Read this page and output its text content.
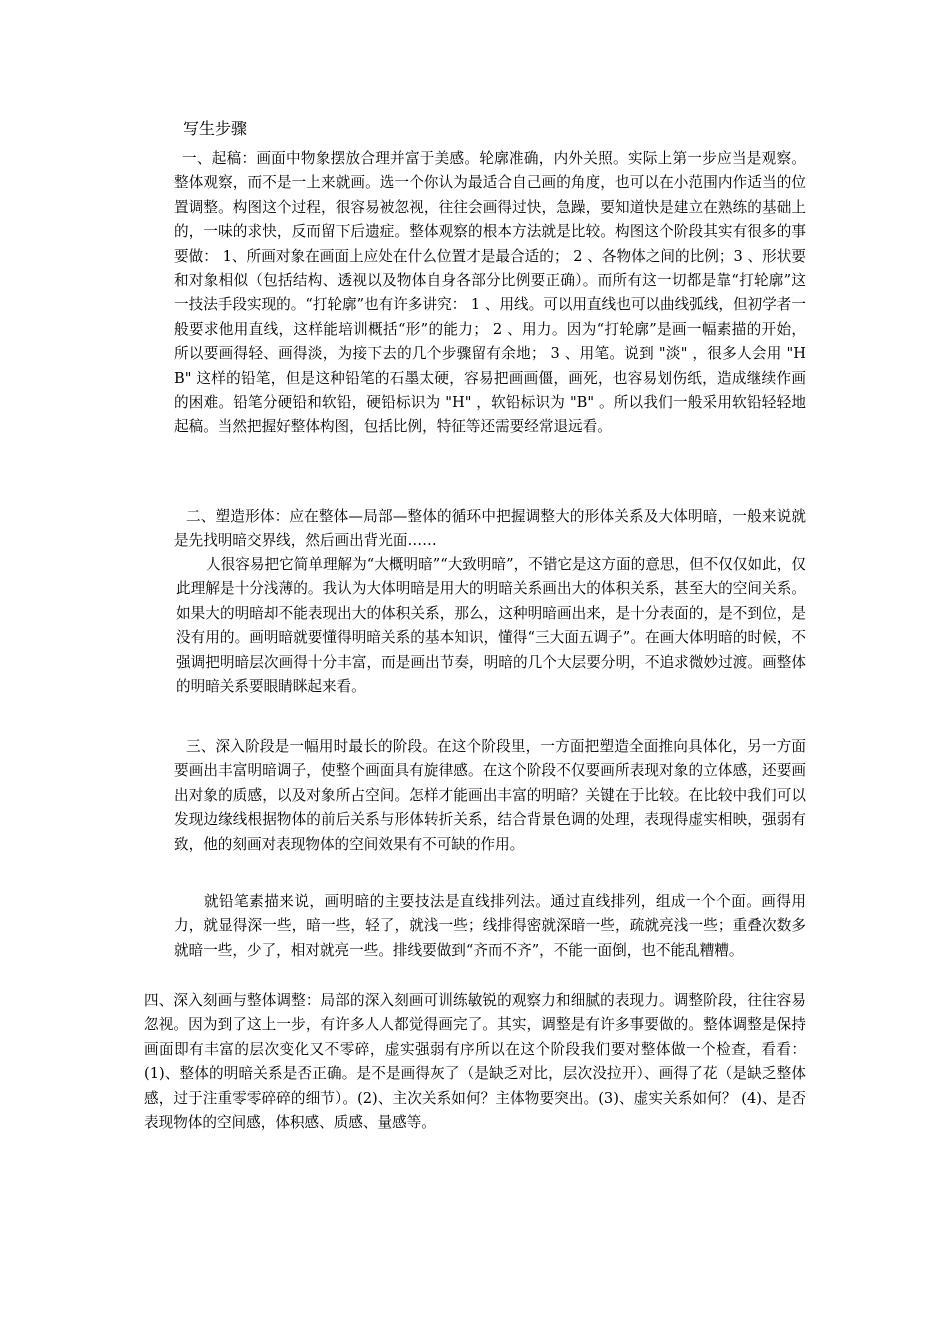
写生步骤

一、起稿：画面中物象摆放合理并富于美感。轮廓准确，内外关照。实际上第一步应当是观察。整体观察，而不是一上来就画。选一个你认为最适合自己画的角度，也可以在小范围内作适当的位置调整。构图这个过程，很容易被忽视，往往会画得过快，急躁，要知道快是建立在熟练的基础上的，一味的求快，反而留下后遗症。整体观察的根本方法就是比较。构图这个阶段其实有很多的事要做： 1、所画对象在画面上应处在什么位置才是最合适的； 2 、各物体之间的比例；3 、形状要和对象相似（包括结构、透视以及物体自身各部分比例要正确）。而所有这一切都是靠“打轮廓”这一技法手段实现的。“打轮廓”也有许多讲究： 1 、用线。可以用直线也可以曲线弧线，但初学者一般要求他用直线，这样能培训概括“形”的能力； 2 、用力。因为“打轮廓”是画一幅素描的开始，所以要画得轻、画得淡，为接下去的几个步骤留有余地； 3 、用笔。说到 "淡" ，很多人会用 "HB" 这样的铅笔，但是这种铅笔的石墨太硬，容易把画画僵，画死，也容易划伤纸，造成继续作画的困难。铅笔分硬铅和软铅，硬铅标识为 "H" ，软铅标识为 "B" 。所以我们一般采用软铅轻轻地起稿。当然把握好整体构图，包括比例，特征等还需要经常退远看。

二、塑造形体：应在整体—局部—整体的循环中把握调整大的形体关系及大体明暗，一般来说就是先找明暗交界线，然后画出背光面……

人很容易把它简单理解为“大概明暗”“大致明暗”，不错它是这方面的意思，但不仅仅如此，仅此理解是十分浅薄的。我认为大体明暗是用大的明暗关系画出大的体积关系，甚至大的空间关系。如果大的明暗却不能表现出大的体积关系，那么，这种明暗画出来，是十分表面的，是不到位，是没有用的。画明暗就要懂得明暗关系的基本知识，懂得“三大面五调子”。在画大体明暗的时候，不强调把明暗层次画得十分丰富，而是画出节奏，明暗的几个大层要分明，不追求微妙过渡。画整体的明暗关系要眼睛眯起来看。

三、深入阶段是一幅用时最长的阶段。在这个阶段里，一方面把塑造全面推向具体化，另一方面要画出丰富明暗调子，使整个画面具有旋律感。在这个阶段不仅要画所表现对象的立体感，还要画出对象的质感，以及对象所占空间。怎样才能画出丰富的明暗？关键在于比较。在比较中我们可以发现边缘线根据物体的前后关系与形体转折关系，结合背景色调的处理，表现得虚实相映，强弱有致，他的刻画对表现物体的空间效果有不可缺的作用。

就铅笔素描来说，画明暗的主要技法是直线排列法。通过直线排列，组成一个个面。画得用力，就显得深一些，暗一些，轻了，就浅一些；线排得密就深暗一些，疏就亮浅一些；重叠次数多就暗一些，少了，相对就亮一些。排线要做到“齐而不齐”，不能一面倒，也不能乱糟糟。

四、深入刻画与整体调整：局部的深入刻画可训练敏锐的观察力和细腻的表现力。调整阶段，往往容易忽视。因为到了这上一步，有许多人人都觉得画完了。其实，调整是有许多事要做的。整体调整是保持画面即有丰富的层次变化又不零碎，虚实强弱有序所以在这个阶段我们要对整体做一个检查，看看：(1)、整体的明暗关系是否正确。是不是画得灰了（是缺乏对比，层次没拉开）、画得了花（是缺乏整体感，过于注重零零碎碎的细节）。(2)、主次关系如何？主体物要突出。(3)、虚实关系如何？ (4)、是否表现物体的空间感，体积感、质感、量感等。
